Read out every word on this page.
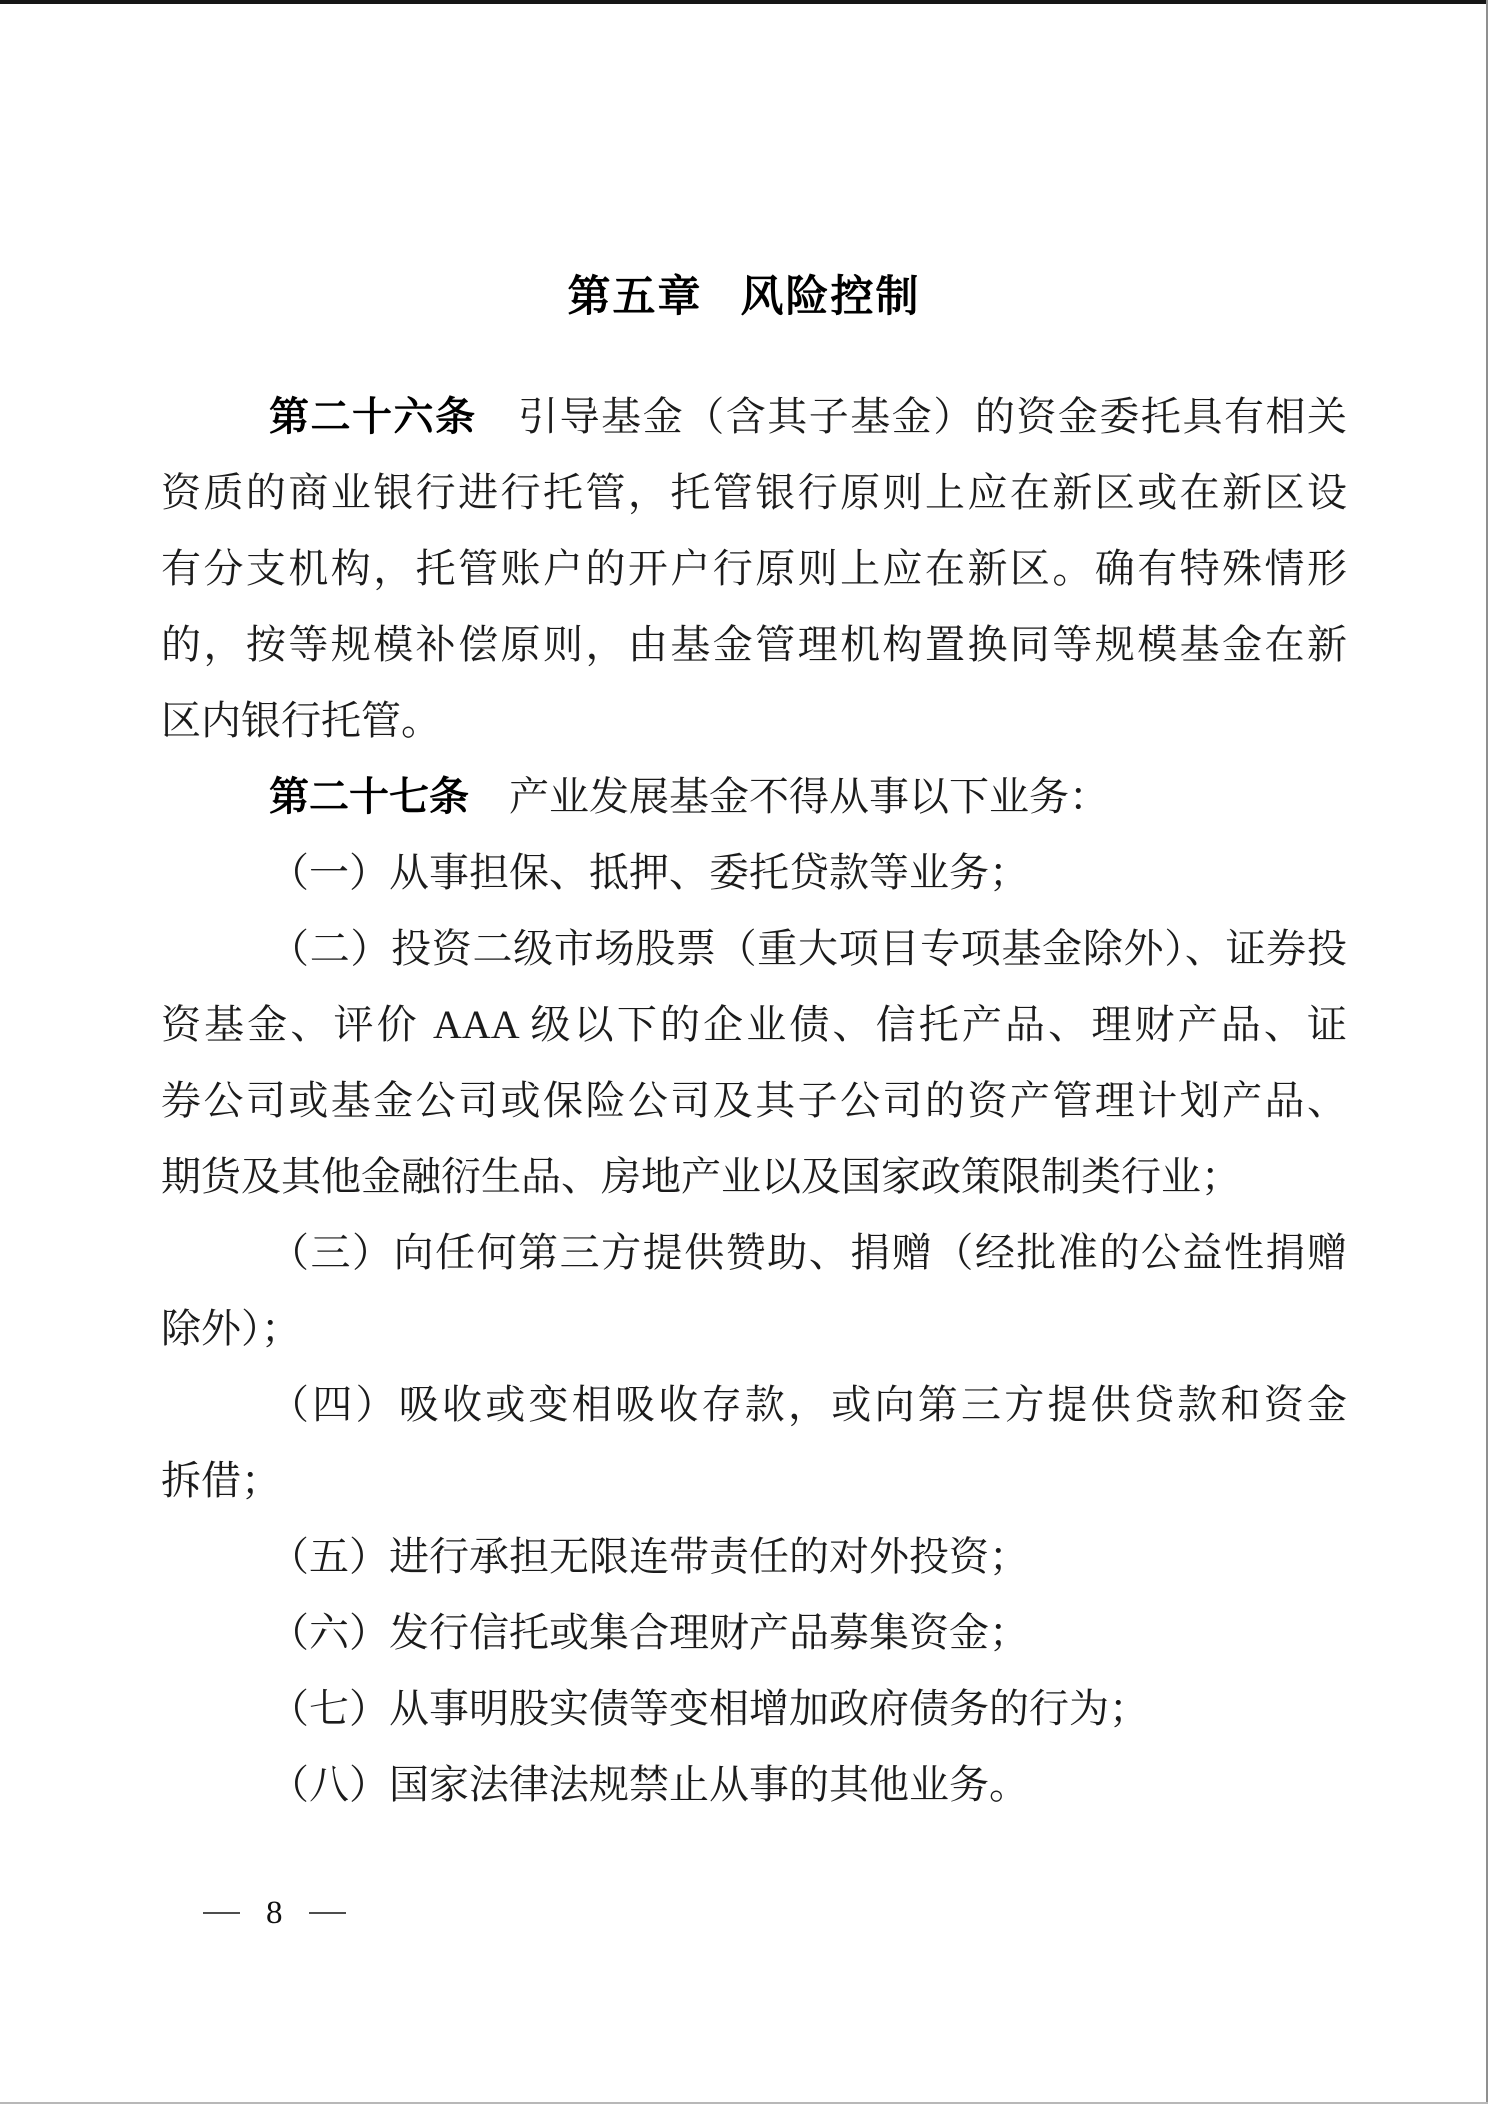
第五章 风险控制
第二十六条　引导基金（含其子基金）的资金委托具有相关
资质的商业银行进行托管，托管银行原则上应在新区或在新区设
有分支机构，托管账户的开户行原则上应在新区。确有特殊情形
的，按等规模补偿原则，由基金管理机构置换同等规模基金在新
区内银行托管。
第二十七条　产业发展基金不得从事以下业务：
（一）从事担保、抵押、委托贷款等业务；
（二）投资二级市场股票（重大项目专项基金除外）、证券投
资基金、评价 AAA 级以下的企业债、信托产品、理财产品、证
券公司或基金公司或保险公司及其子公司的资产管理计划产品、
期货及其他金融衍生品、房地产业以及国家政策限制类行业；
（三）向任何第三方提供赞助、捐赠（经批准的公益性捐赠
除外）；
（四）吸收或变相吸收存款，或向第三方提供贷款和资金
拆借；
（五）进行承担无限连带责任的对外投资；
（六）发行信托或集合理财产品募集资金；
（七）从事明股实债等变相增加政府债务的行为；
（八）国家法律法规禁止从事的其他业务。
8
